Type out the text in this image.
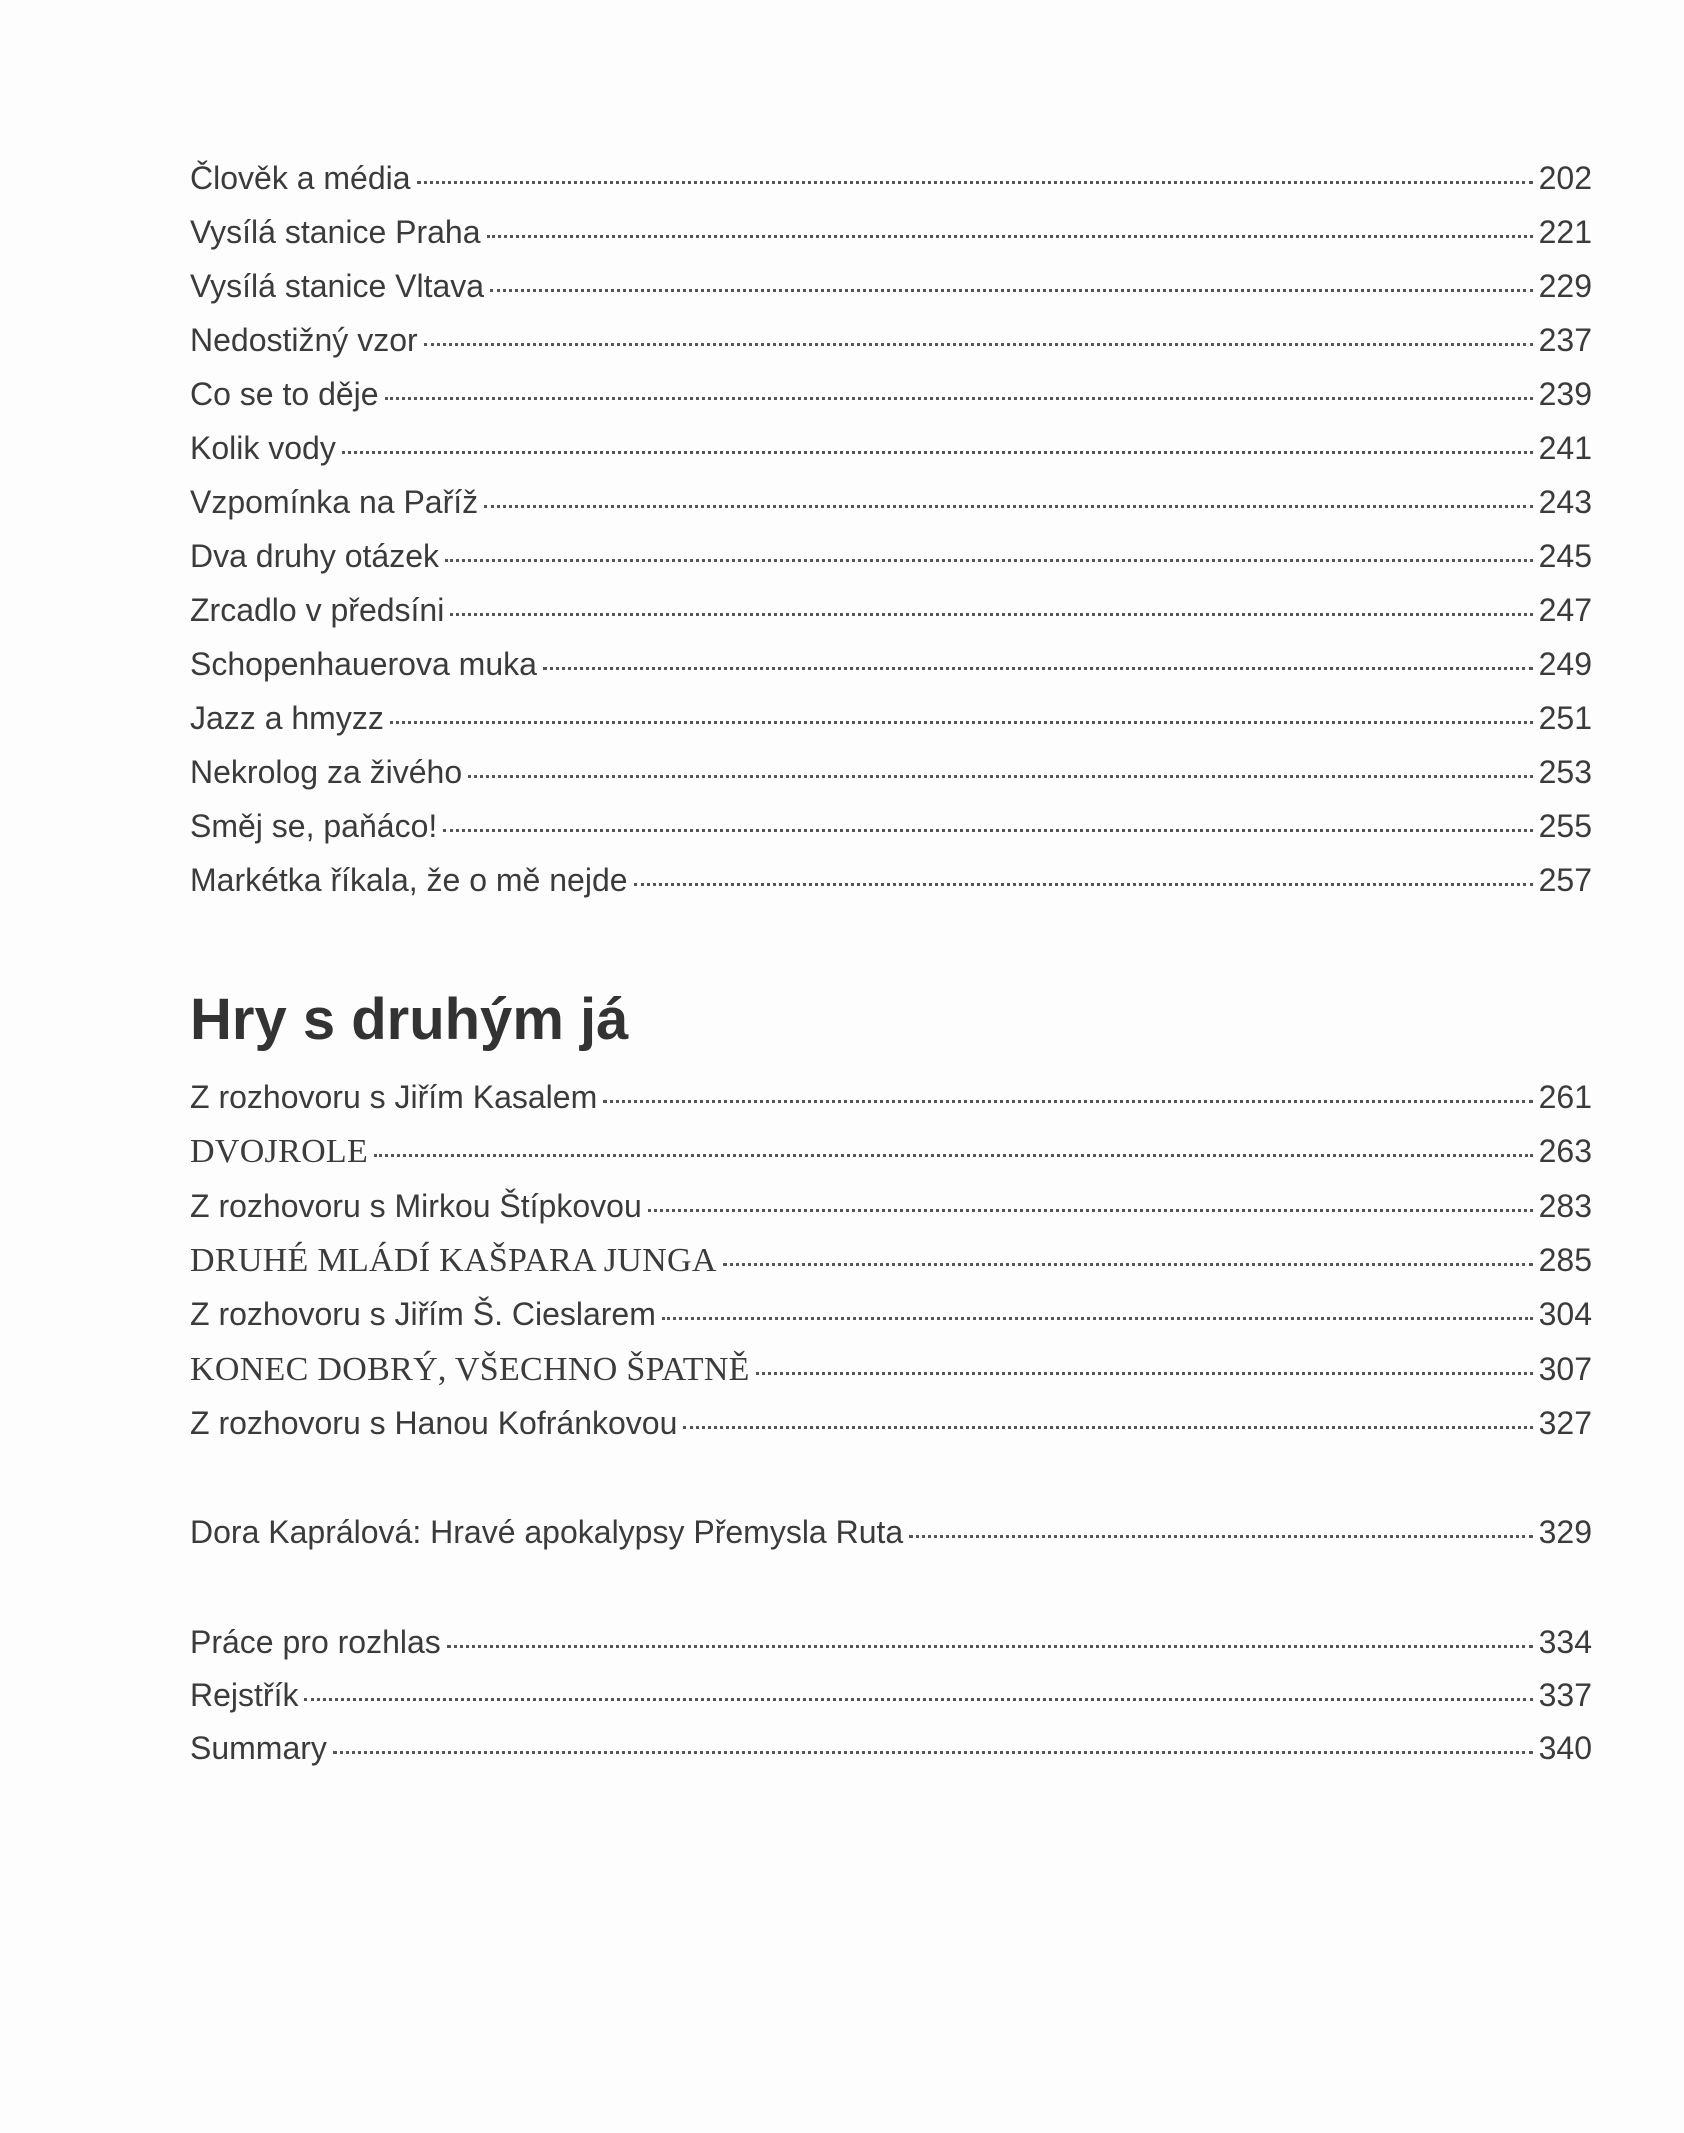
Člověk a média	202
Vysílá stanice Praha	221
Vysílá stanice Vltava	229
Nedostižný vzor	237
Co se to děje	239
Kolik vody	241
Vzpomínka na Paříž	243
Dva druhy otázek	245
Zrcadlo v předsíni	247
Schopenhauerova muka	249
Jazz a hmyzz	251
Nekrolog za živého	253
Směj se, paňáco!	255
Markétka říkala, že o mě nejde	257
Hry s druhým já
Z rozhovoru s Jiřím Kasalem	261
DVOJROLE	263
Z rozhovoru s Mirkou Štípkovou	283
DRUHÉ MLÁDÍ KAŠPARA JUNGA	285
Z rozhovoru s Jiřím Š. Cieslarem	304
KONEC DOBRÝ, VŠECHNO ŠPATNĚ	307
Z rozhovoru s Hanou Kofránkovou	327
Dora Kaprálová: Hravé apokalypsy Přemysla Ruta	329
Práce pro rozhlas	334
Rejstřík	337
Summary	340
